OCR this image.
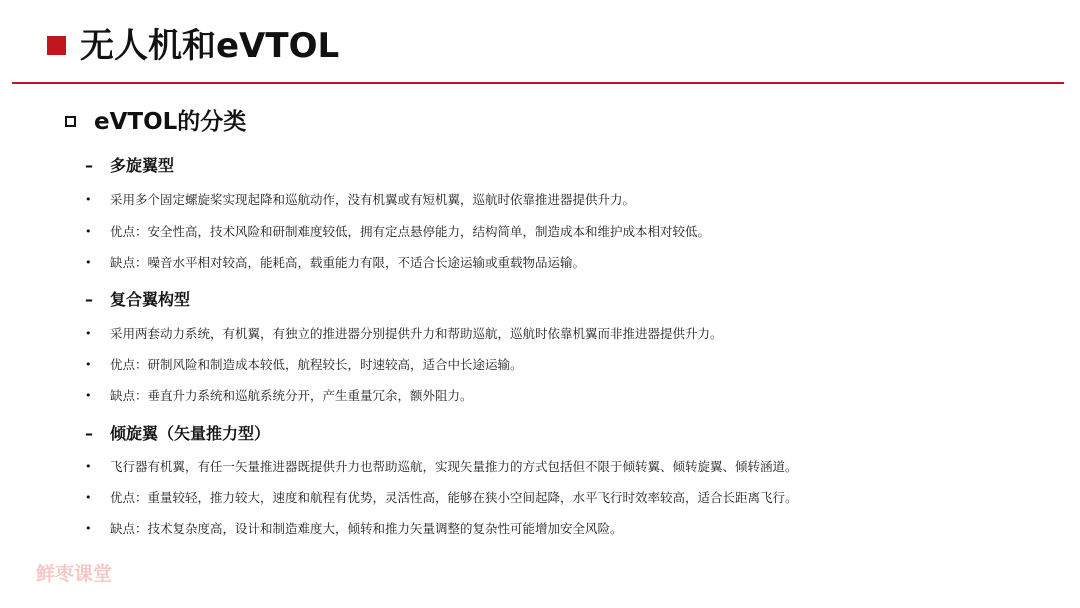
无人机和eVTOL
eVTOL的分类
– 多旋翼型
• 采用多个固定螺旋桨实现起降和巡航动作，没有机翼或有短机翼，巡航时依靠推进器提供升力。
• 优点：安全性高，技术风险和研制难度较低，拥有定点悬停能力，结构简单，制造成本和维护成本相对较低。
• 缺点：噪音水平相对较高，能耗高，载重能力有限，不适合长途运输或重载物品运输。
– 复合翼构型
• 采用两套动力系统，有机翼，有独立的推进器分别提供升力和帮助巡航，巡航时依靠机翼而非推进器提供升力。
• 优点：研制风险和制造成本较低，航程较长，时速较高，适合中长途运输。
• 缺点：垂直升力系统和巡航系统分开，产生重量冗余，额外阻力。
– 倾旋翼（矢量推力型）
• 飞行器有机翼，有任一矢量推进器既提供升力也帮助巡航，实现矢量推力的方式包括但不限于倾转翼、倾转旋翼、倾转涵道。
• 优点：重量较轻，推力较大，速度和航程有优势，灵活性高，能够在狭小空间起降，水平飞行时效率较高，适合长距离飞行。
• 缺点：技术复杂度高，设计和制造难度大，倾转和推力矢量调整的复杂性可能增加安全风险。
鲜枣课堂
